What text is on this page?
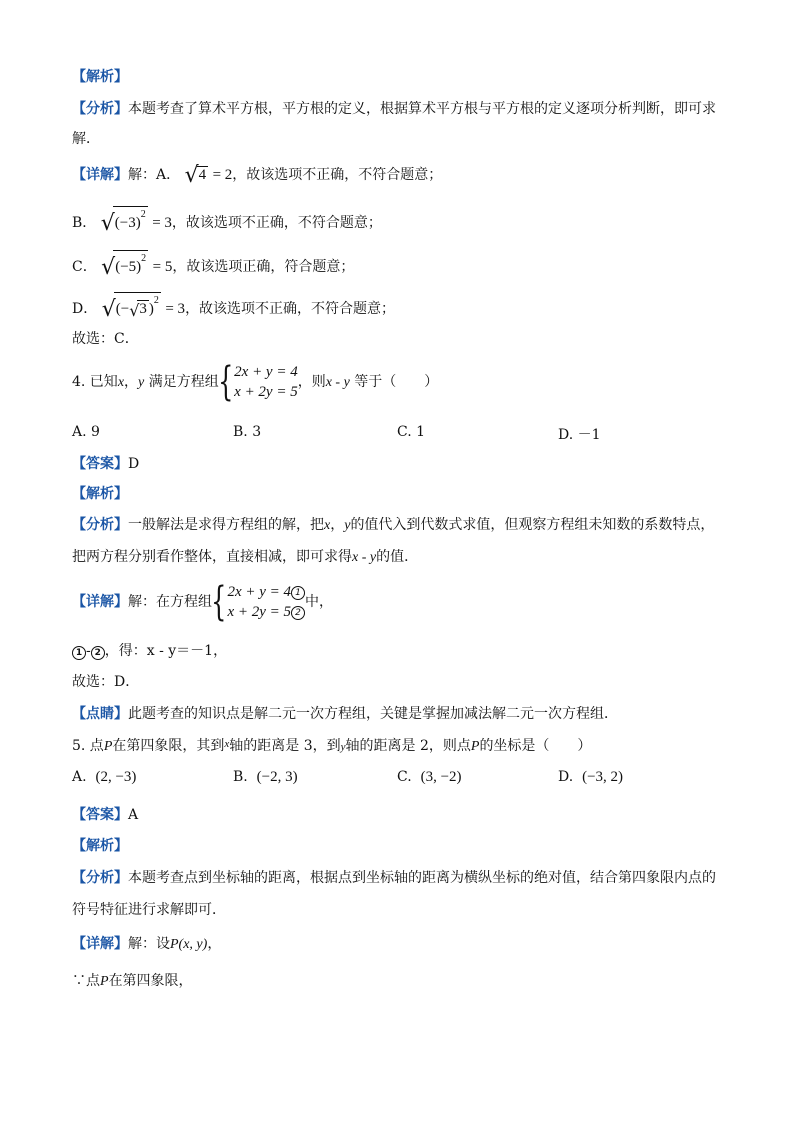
【解析】
【分析】本题考查了算术平方根，平方根的定义，根据算术平方根与平方根的定义逐项分析判断，即可求
解．
【详解】解：A． √4 = 2，故该选项不正确，不符合题意；
B． $√(-3)^2 = 3$，故该选项不正确，不符合题意；
C． $√(-5)^2 = 5$，故该选项正确，符合题意；
D． √(−√3 )$^2$ = 3，故该选项不正确，不符合题意；
故选：C．
4. 已知x，y 满足方程组{2x + y = 4
x + 2y = 5，则x - y 等于（　　）
A. 9	B. 3	C. 1	D. －1
【答案】D
【解析】
【分析】一般解法是求得方程组的解，把x，y的值代入到代数式求值，但观察方程组未知数的系数特点，
把两方程分别看作整体，直接相减，即可求得x - y的值．
【详解】解：在方程组{2x + y = 4 1
x + 2y = 5 2中，
1 - 2 ，得：x - y＝－1，
故选：D．
【点睛】此题考查的知识点是解二元一次方程组，关键是掌握加减法解二元一次方程组．
5. 点P在第四象限，其到$^x$轴的距离是 3，到y轴的距离是 2，则点P的坐标是（　　）
A. (2, −3)	B. (−2, 3)	C. (3, −2)	D. (−3, 2)
【答案】A
【解析】
【分析】本题考查点到坐标轴的距离，根据点到坐标轴的距离为横纵坐标的绝对值，结合第四象限内点的
符号特征进行求解即可．
【详解】解：设P(x, y)，
∵点P在第四象限，
